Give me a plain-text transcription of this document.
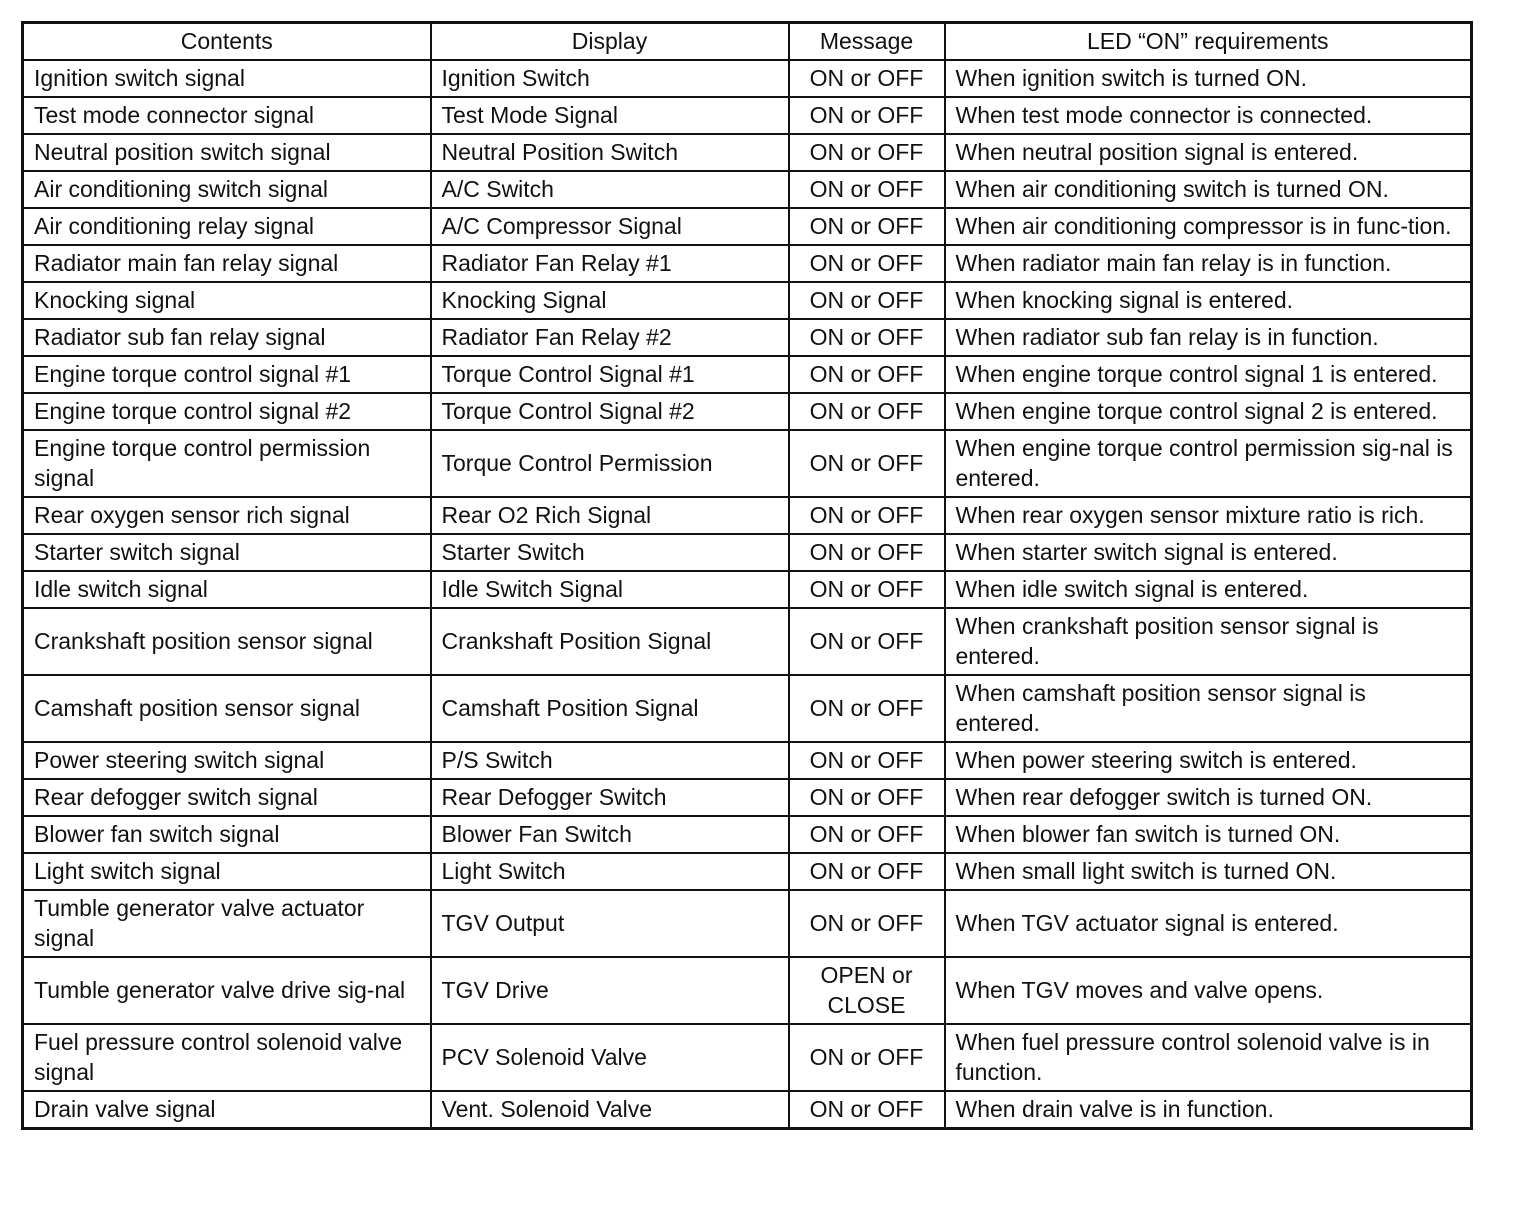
Contents	Display	Message	LED “ON” requirements
Ignition switch signal	Ignition Switch	ON or OFF	When ignition switch is turned ON.
Test mode connector signal	Test Mode Signal	ON or OFF	When test mode connector is connected.
Neutral position switch signal	Neutral Position Switch	ON or OFF	When neutral position signal is entered.
Air conditioning switch signal	A/C Switch	ON or OFF	When air conditioning switch is turned ON.
Air conditioning relay signal	A/C Compressor Signal	ON or OFF	When air conditioning compressor is in func-tion.
Radiator main fan relay signal	Radiator Fan Relay #1	ON or OFF	When radiator main fan relay is in function.
Knocking signal	Knocking Signal	ON or OFF	When knocking signal is entered.
Radiator sub fan relay signal	Radiator Fan Relay #2	ON or OFF	When radiator sub fan relay is in function.
Engine torque control signal #1	Torque Control Signal #1	ON or OFF	When engine torque control signal 1 is entered.
Engine torque control signal #2	Torque Control Signal #2	ON or OFF	When engine torque control signal 2 is entered.
Engine torque control permission signal	Torque Control Permission	ON or OFF	When engine torque control permission sig-nal is entered.
Rear oxygen sensor rich signal	Rear O2 Rich Signal	ON or OFF	When rear oxygen sensor mixture ratio is rich.
Starter switch signal	Starter Switch	ON or OFF	When starter switch signal is entered.
Idle switch signal	Idle Switch Signal	ON or OFF	When idle switch signal is entered.
Crankshaft position sensor signal	Crankshaft Position Signal	ON or OFF	When crankshaft position sensor signal is entered.
Camshaft position sensor signal	Camshaft Position Signal	ON or OFF	When camshaft position sensor signal is entered.
Power steering switch signal	P/S Switch	ON or OFF	When power steering switch is entered.
Rear defogger switch signal	Rear Defogger Switch	ON or OFF	When rear defogger switch is turned ON.
Blower fan switch signal	Blower Fan Switch	ON or OFF	When blower fan switch is turned ON.
Light switch signal	Light Switch	ON or OFF	When small light switch is turned ON.
Tumble generator valve actuator signal	TGV Output	ON or OFF	When TGV actuator signal is entered.
Tumble generator valve drive sig-nal	TGV Drive	OPEN or CLOSE	When TGV moves and valve opens.
Fuel pressure control solenoid valve signal	PCV Solenoid Valve	ON or OFF	When fuel pressure control solenoid valve is in function.
Drain valve signal	Vent. Solenoid Valve	ON or OFF	When drain valve is in function.
